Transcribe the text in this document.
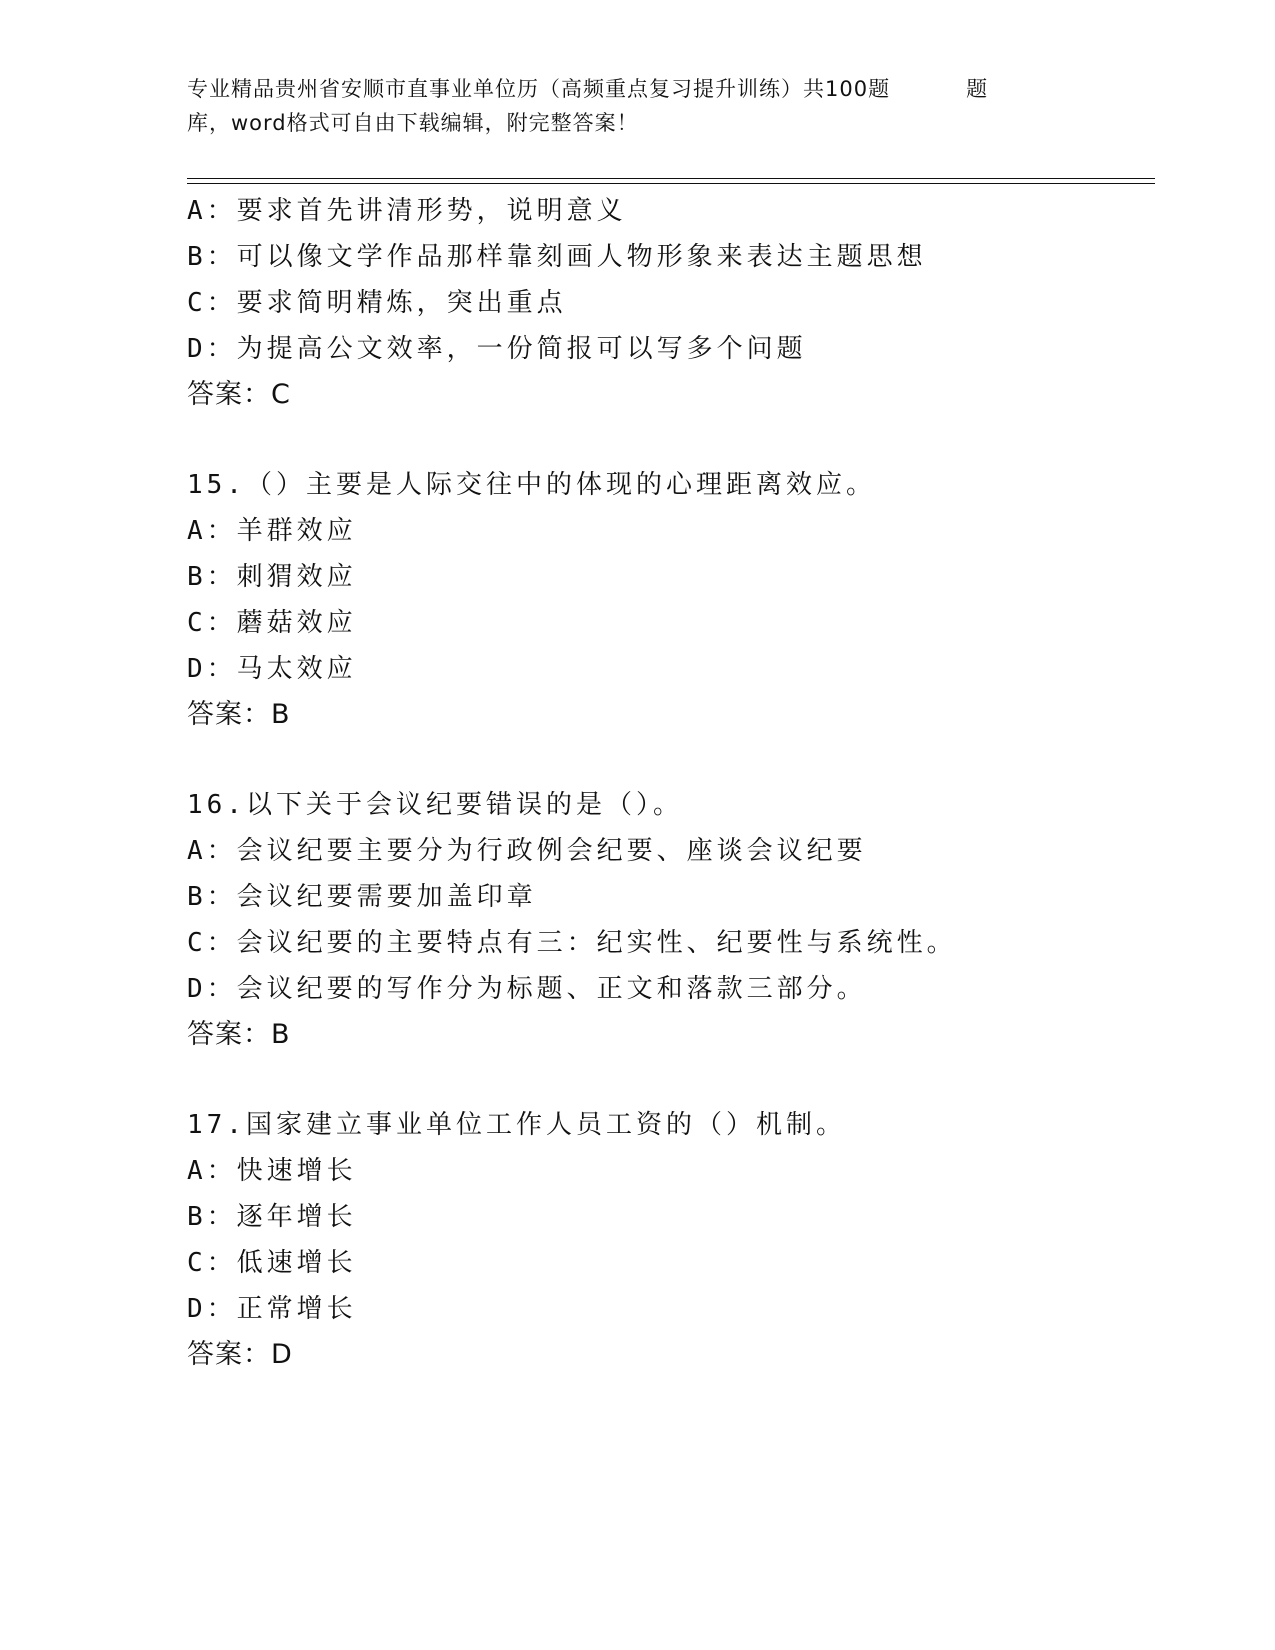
专业精品贵州省安顺市直事业单位历（高频重点复习提升训练）共100题	题
库，word格式可自由下载编辑，附完整答案！
A：要求首先讲清形势，说明意义
B：可以像文学作品那样靠刻画人物形象来表达主题思想
C：要求简明精炼，突出重点
D：为提高公文效率，一份简报可以写多个问题
答案：C
15.（）主要是人际交往中的体现的心理距离效应。
A：羊群效应
B：刺猬效应
C：蘑菇效应
D：马太效应
答案：B
16.以下关于会议纪要错误的是（）。
A：会议纪要主要分为行政例会纪要、座谈会议纪要
B：会议纪要需要加盖印章
C：会议纪要的主要特点有三：纪实性、纪要性与系统性。
D：会议纪要的写作分为标题、正文和落款三部分。
答案：B
17.国家建立事业单位工作人员工资的（）机制。
A：快速增长
B：逐年增长
C：低速增长
D：正常增长
答案：D
